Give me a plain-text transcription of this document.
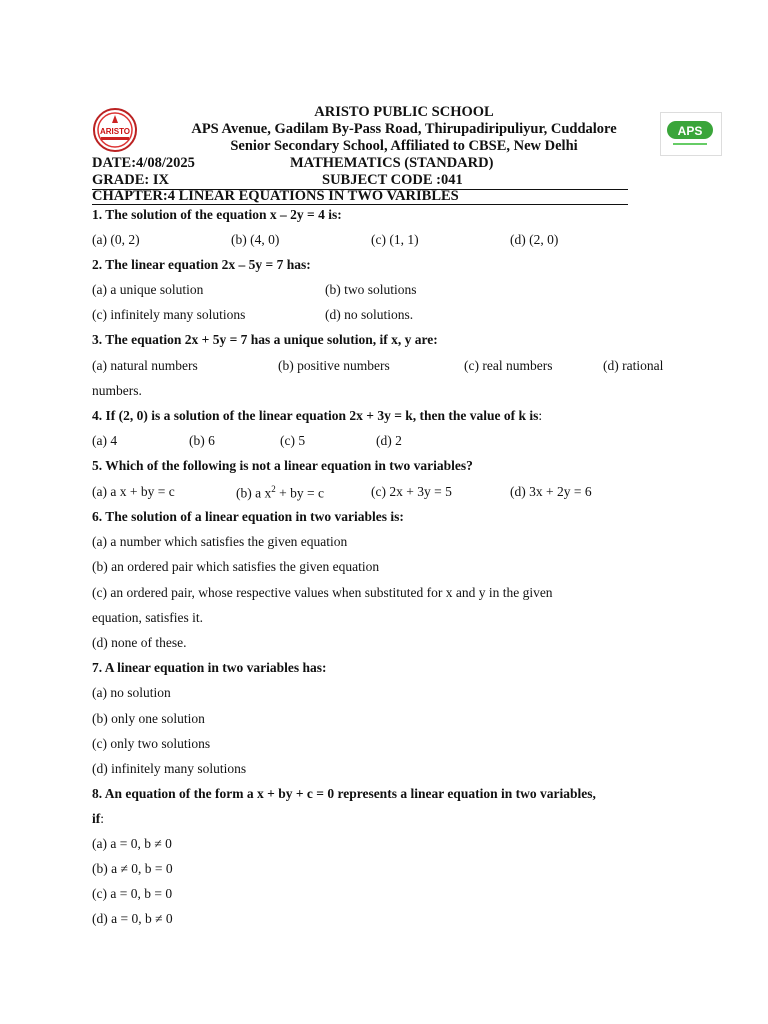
ARISTO	APS
ARISTO PUBLIC SCHOOL
APS Avenue, Gadilam By-Pass Road, Thirupadiripuliyur, Cuddalore
Senior Secondary School, Affiliated to CBSE, New Delhi
DATE:4/08/2025	MATHEMATICS (STANDARD)
GRADE: IX	SUBJECT CODE :041
CHAPTER:4 LINEAR EQUATIONS IN TWO VARIBLES
1. The solution of the equation x – 2y = 4 is:
(a) (0, 2)	(b) (4, 0)	(c) (1, 1)	(d) (2, 0)
2. The linear equation 2x – 5y = 7 has:
(a) a unique solution	(b) two solutions
(c) infinitely many solutions	(d) no solutions.
3. The equation 2x + 5y = 7 has a unique solution, if x, y are:
(a) natural numbers	(b) positive numbers	(c) real numbers	(d) rational
numbers.
4. If (2, 0) is a solution of the linear equation 2x + 3y = k, then the value of k is:
(a) 4	(b) 6	(c) 5	(d) 2
5. Which of the following is not a linear equation in two variables?
(a) a x + by = c	(b) a $x^2$ + by = c	(c) 2x + 3y = 5	(d) 3x + 2y = 6
6. The solution of a linear equation in two variables is:
(a) a number which satisfies the given equation
(b) an ordered pair which satisfies the given equation
(c) an ordered pair, whose respective values when substituted for x and y in the given
equation, satisfies it.
(d) none of these.
7. A linear equation in two variables has:
(a) no solution
(b) only one solution
(c) only two solutions
(d) infinitely many solutions
8. An equation of the form a x + by + c = 0 represents a linear equation in two variables,
if:
(a) a = 0, b ≠ 0
(b) a ≠ 0, b = 0
(c) a = 0, b = 0
(d) a = 0, b ≠ 0
